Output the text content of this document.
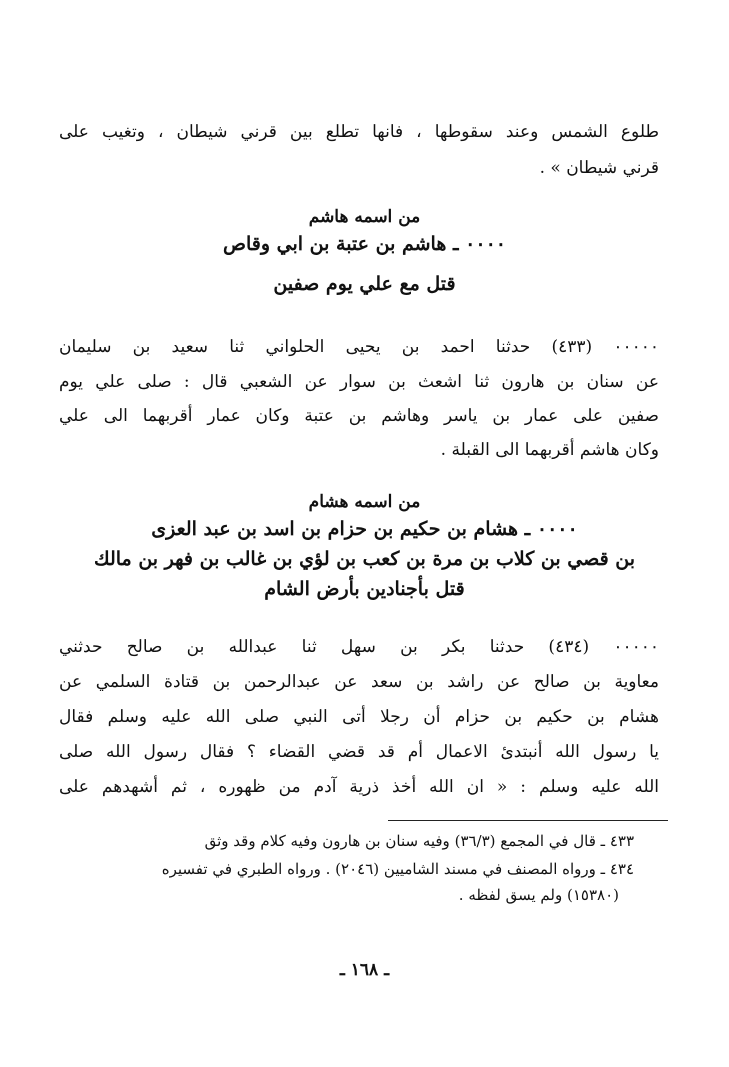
طلوع الشمس وعند سقوطها ، فانها تطلع بين قرني شيطان ، وتغيب على
قرني شيطان » .
من اسمه هاشم
٠٠٠٠ ـ هاشم بن عتبة بن ابي وقاص
قتل مع علي يوم صفين
٠٠٠٠٠ (٤٣٣) حدثنا احمد بن يحيى الحلواني ثنا سعيد بن سليمان
عن سنان بن هارون ثنا اشعث بن سوار عن الشعبي قال : صلى علي يوم
صفين على عمار بن ياسر وهاشم بن عتبة وكان عمار أقربهما الى علي
وكان هاشم أقربهما الى القبلة .
من اسمه هشام
٠٠٠٠ ـ هشام بن حكيم بن حزام بن اسد بن عبد العزى
بن قصي بن كلاب بن مرة بن كعب بن لؤي بن غالب بن فهر بن مالك
قتل بأجنادين بأرض الشام
٠٠٠٠٠ (٤٣٤) حدثنا بكر بن سهل ثنا عبدالله بن صالح حدثني
معاوية بن صالح عن راشد بن سعد عن عبدالرحمن بن قتادة السلمي عن
هشام بن حكيم بن حزام أن رجلا أتى النبي صلى الله عليه وسلم فقال
يا رسول الله أنبتدئ الاعمال أم قد قضي القضاء ؟ فقال رسول الله صلى
الله عليه وسلم : « ان الله أخذ ذرية آدم من ظهوره ، ثم أشهدهم على
٤٣٣ ـ قال في المجمع (٣٦/٣) وفيه سنان بن هارون وفيه كلام وقد وثق
٤٣٤ ـ ورواه المصنف في مسند الشاميين (٢٠٤٦) . ورواه الطبري في تفسيره
(١٥٣٨٠) ولم يسق لفظه .
ـ ١٦٨ ـ
